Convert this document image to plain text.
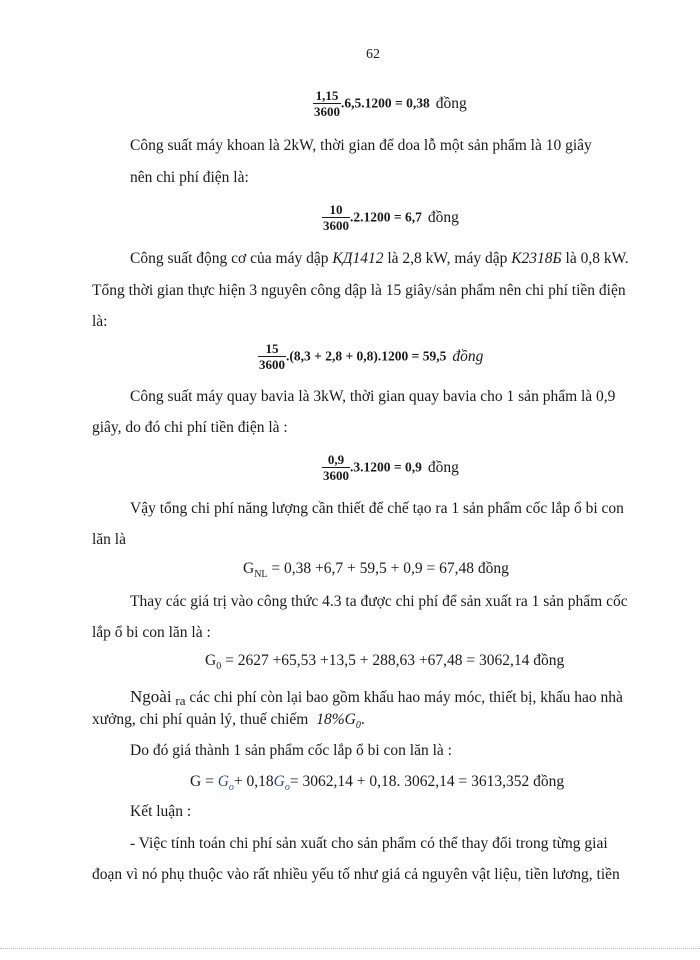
62
$\frac{1,15}{3600} .6,5.1200 = 0,38$ đồng
Công suất máy khoan là 2kW, thời gian để doa lỗ một sản phẩm là 10 giây
nên chi phí điện là:
$\frac{10}{3600} .2.1200 = 6,7$ đồng
Công suất động cơ của máy dập КД1412 là 2,8 kW, máy dập К2318Б là 0,8 kW.
Tổng thời gian thực hiện 3 nguyên công dập là 15 giây/sản phẩm nên chi phí tiền điện
là:
$\frac{15}{3600} .(8,3 + 2,8 + 0,8).1200 = 59,5$ đồng
Công suất máy quay bavia là 3kW, thời gian quay bavia cho 1 sản phẩm là 0,9
giây, do đó chi phí tiền điện là :
$\frac{0,9}{3600} .3.1200 = 0,9$ đồng
Vậy tổng chi phí năng lượng cần thiết để chế tạo ra 1 sản phẩm cốc lắp ổ bi con
lăn là
$G_{NL} = 0,38 +6,7 + 59,5 + 0,9 = 67,48$ đồng
Thay các giá trị vào công thức 4.3 ta được chi phí để sản xuất ra 1 sản phẩm cốc
lắp ổ bi con lăn là :
$G_0 = 2627 +65,53 +13,5 + 288,63 +67,48 = 3062,14$ đồng
Ngoài ra các chi phí còn lại bao gồm khấu hao máy móc, thiết bị, khấu hao nhà
xưởng, chi phí quản lý, thuế chiếm $18\%G_0$.
Do đó giá thành 1 sản phẩm cốc lắp ổ bi con lăn là :
$G = G_o+ 0,18G_o= 3062,14 + 0,18$. 3062,14 = 3613,352 đồng
Kết luận :
- Việc tính toán chi phí sản xuất cho sản phẩm có thể thay đổi trong từng giai
đoạn vì nó phụ thuộc vào rất nhiều yếu tố như giá cả nguyên vật liệu, tiền lương, tiền
